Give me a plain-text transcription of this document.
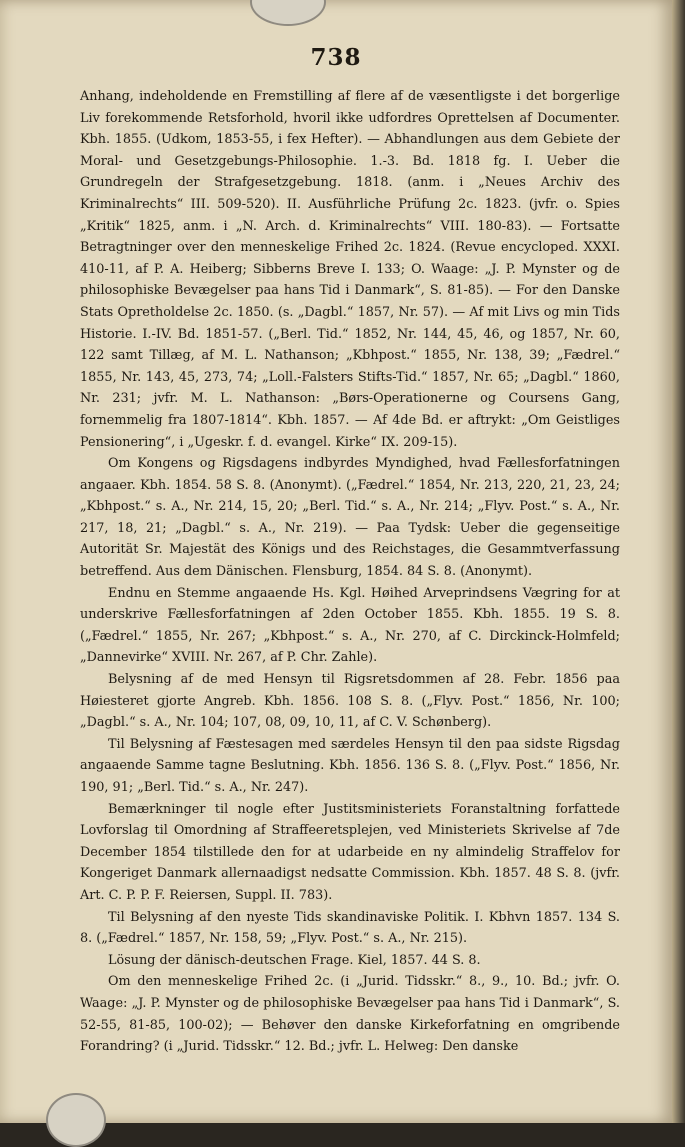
738

Anhang, indeholdende en Fremstilling af flere af de væsentligste i det borgerlige Liv forekommende Retsforhold, hvoril ikke udfordres Oprettelsen af Documenter. Kbh. 1855. (Udkom, 1853-55, i fex Hefter). — Abhandlungen aus dem Gebiete der Moral- und Gesetzgebungs-Philosophie. 1.-3. Bd. 1818 fg. I. Ueber die Grundregeln der Strafgesetzgebung. 1818. (anm. i „Neues Archiv des Kriminalrechts“ III. 509-520). II. Ausführliche Prüfung 2c. 1823. (jvfr. o. Spies „Kritik“ 1825, anm. i „N. Arch. d. Kriminalrechts“ VIII. 180-83). — Fortsatte Betragtninger over den menneskelige Frihed 2c. 1824. (Revue encycloped. XXXI. 410-11, af P. A. Heiberg; Sibberns Breve I. 133; O. Waage: „J. P. Mynster og de philosophiske Bevægelser paa hans Tid i Danmark“, S. 81-85). — For den Danske Stats Opretholdelse 2c. 1850. (s. „Dagbl.“ 1857, Nr. 57). — Af mit Livs og min Tids Historie. I.-IV. Bd. 1851-57. („Berl. Tid.“ 1852, Nr. 144, 45, 46, og 1857, Nr. 60, 122 samt Tillæg, af M. L. Nathanson; „Kbhpost.“ 1855, Nr. 138, 39; „Fædrel.“ 1855, Nr. 143, 45, 273, 74; „Loll.-Falsters Stifts-Tid.“ 1857, Nr. 65; „Dagbl.“ 1860, Nr. 231; jvfr. M. L. Nathanson: „Børs-Operationerne og Coursens Gang, fornemmelig fra 1807-1814“. Kbh. 1857. — Af 4de Bd. er aftrykt: „Om Geistliges Pensionering“, i „Ugeskr. f. d. evangel. Kirke“ IX. 209-15).

Om Kongens og Rigsdagens indbyrdes Myndighed, hvad Fællesforfatningen angaaer. Kbh. 1854. 58 S. 8. (Anonymt). („Fædrel.“ 1854, Nr. 213, 220, 21, 23, 24; „Kbhpost.“ s. A., Nr. 214, 15, 20; „Berl. Tid.“ s. A., Nr. 214; „Flyv. Post.“ s. A., Nr. 217, 18, 21; „Dagbl.“ s. A., Nr. 219). — Paa Tydsk: Ueber die gegenseitige Autorität Sr. Majestät des Königs und des Reichstages, die Gesammtverfassung betreffend. Aus dem Dänischen. Flensburg, 1854. 84 S. 8. (Anonymt).

Endnu en Stemme angaaende Hs. Kgl. Høihed Arveprindsens Vægring for at underskrive Fællesforfatningen af 2den October 1855. Kbh. 1855. 19 S. 8. („Fædrel.“ 1855, Nr. 267; „Kbhpost.“ s. A., Nr. 270, af C. Dirckinck-Holmfeld; „Dannevirke“ XVIII. Nr. 267, af P. Chr. Zahle).

Belysning af de med Hensyn til Rigsretsdommen af 28. Febr. 1856 paa Høiesteret gjorte Angreb. Kbh. 1856. 108 S. 8. („Flyv. Post.“ 1856, Nr. 100; „Dagbl.“ s. A., Nr. 104; 107, 08, 09, 10, 11, af C. V. Schønberg).

Til Belysning af Fæstesagen med særdeles Hensyn til den paa sidste Rigsdag angaaende Samme tagne Beslutning. Kbh. 1856. 136 S. 8. („Flyv. Post.“ 1856, Nr. 190, 91; „Berl. Tid.“ s. A., Nr. 247).

Bemærkninger til nogle efter Justitsministeriets Foranstaltning forfattede Lovforslag til Omordning af Straffeeretsplejen, ved Ministeriets Skrivelse af 7de December 1854 tilstillede den for at udarbeide en ny almindelig Straffelov for Kongeriget Danmark allernaadigst nedsatte Commission. Kbh. 1857. 48 S. 8. (jvfr. Art. C. P. P. F. Reiersen, Suppl. II. 783).

Til Belysning af den nyeste Tids skandinaviske Politik. I. Kbhvn 1857. 134 S. 8. („Fædrel.“ 1857, Nr. 158, 59; „Flyv. Post.“ s. A., Nr. 215).

Lösung der dänisch-deutschen Frage. Kiel, 1857. 44 S. 8.

Om den menneskelige Frihed 2c. (i „Jurid. Tidsskr.“ 8., 9., 10. Bd.; jvfr. O. Waage: „J. P. Mynster og de philosophiske Bevægelser paa hans Tid i Danmark“, S. 52-55, 81-85, 100-02); — Behøver den danske Kirkeforfatning en omgribende Forandring? (i „Jurid. Tidsskr.“ 12. Bd.; jvfr. L. Helweg: Den danske
